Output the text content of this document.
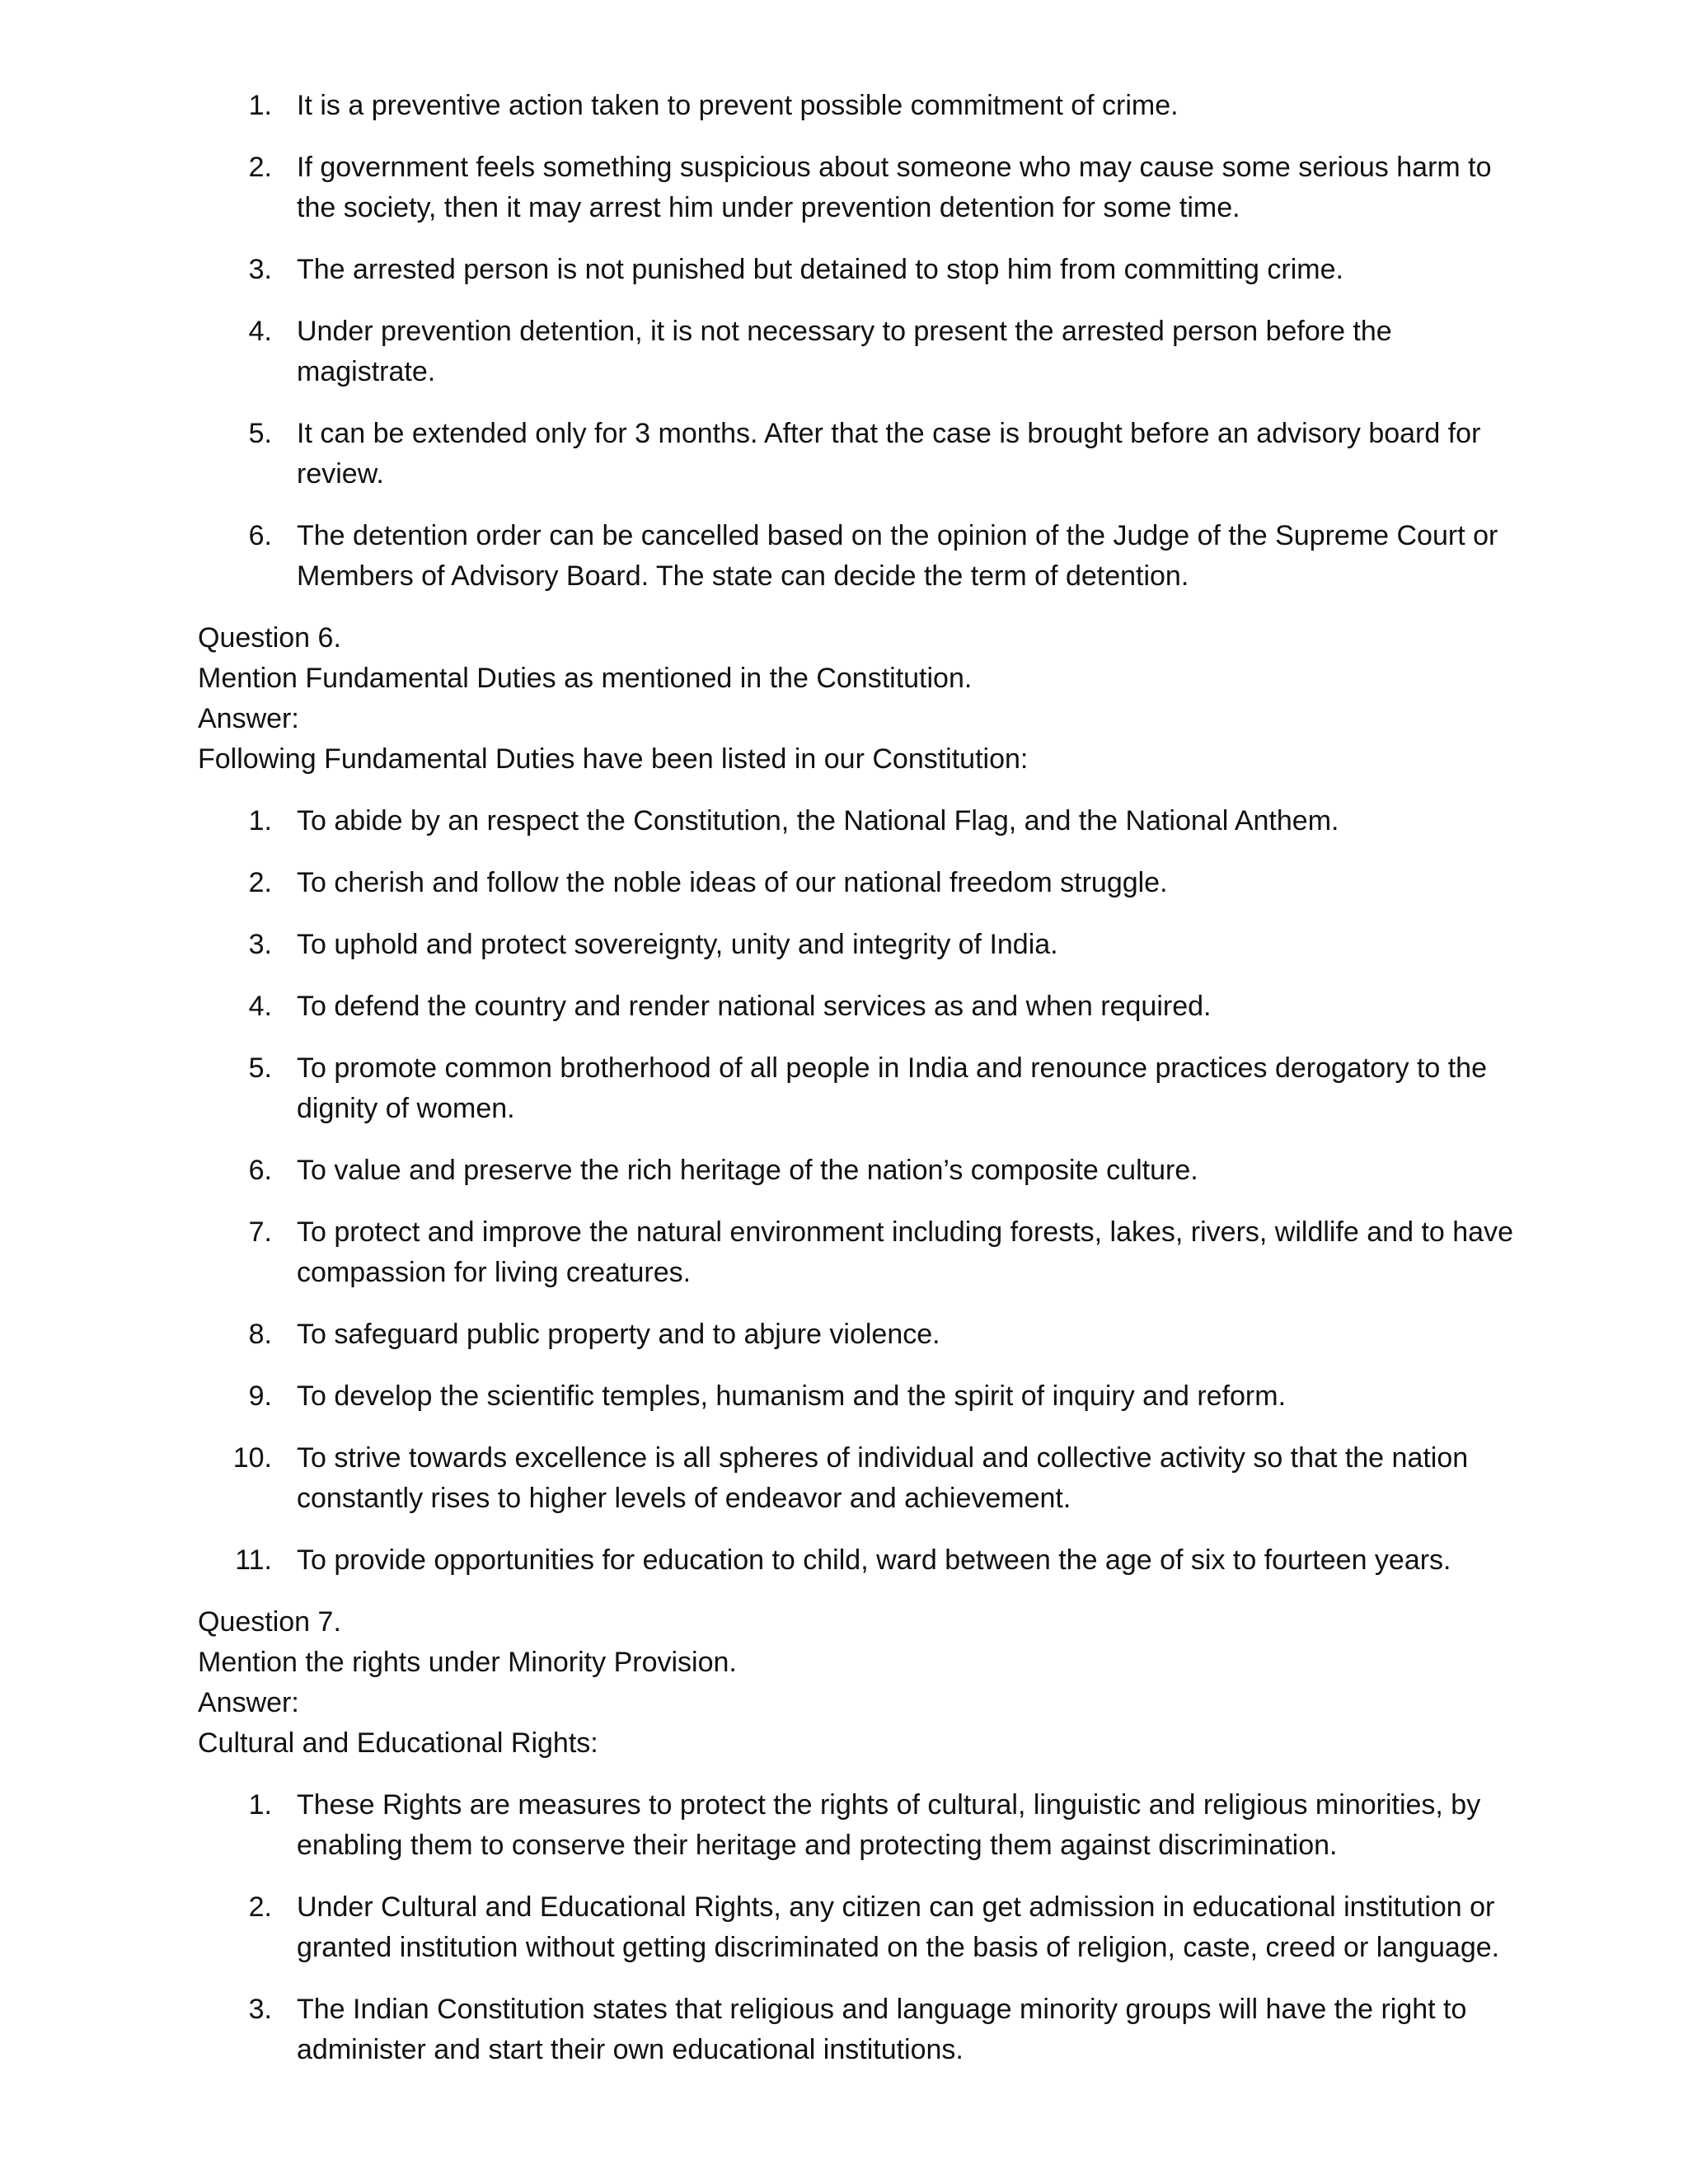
1. It is a preventive action taken to prevent possible commitment of crime.
2. If government feels something suspicious about someone who may cause some serious harm to the society, then it may arrest him under prevention detention for some time.
3. The arrested person is not punished but detained to stop him from committing crime.
4. Under prevention detention, it is not necessary to present the arrested person before the magistrate.
5. It can be extended only for 3 months. After that the case is brought before an advisory board for review.
6. The detention order can be cancelled based on the opinion of the Judge of the Supreme Court or Members of Advisory Board. The state can decide the term of detention.

Question 6.

Mention Fundamental Duties as mentioned in the Constitution.

Answer:

Following Fundamental Duties have been listed in our Constitution:

1. To abide by an respect the Constitution, the National Flag, and the National Anthem.
2. To cherish and follow the noble ideas of our national freedom struggle.
3. To uphold and protect sovereignty, unity and integrity of India.
4. To defend the country and render national services as and when required.
5. To promote common brotherhood of all people in India and renounce practices derogatory to the dignity of women.
6. To value and preserve the rich heritage of the nation’s composite culture.
7. To protect and improve the natural environment including forests, lakes, rivers, wildlife and to have compassion for living creatures.
8. To safeguard public property and to abjure violence.
9. To develop the scientific temples, humanism and the spirit of inquiry and reform.
10. To strive towards excellence is all spheres of individual and collective activity so that the nation constantly rises to higher levels of endeavor and achievement.
11. To provide opportunities for education to child, ward between the age of six to fourteen years.

Question 7.

Mention the rights under Minority Provision.

Answer:

Cultural and Educational Rights:

1. These Rights are measures to protect the rights of cultural, linguistic and religious minorities, by enabling them to conserve their heritage and protecting them against discrimination.
2. Under Cultural and Educational Rights, any citizen can get admission in educational institution or granted institution without getting discriminated on the basis of religion, caste, creed or language.
3. The Indian Constitution states that religious and language minority groups will have the right to administer and start their own educational institutions.
